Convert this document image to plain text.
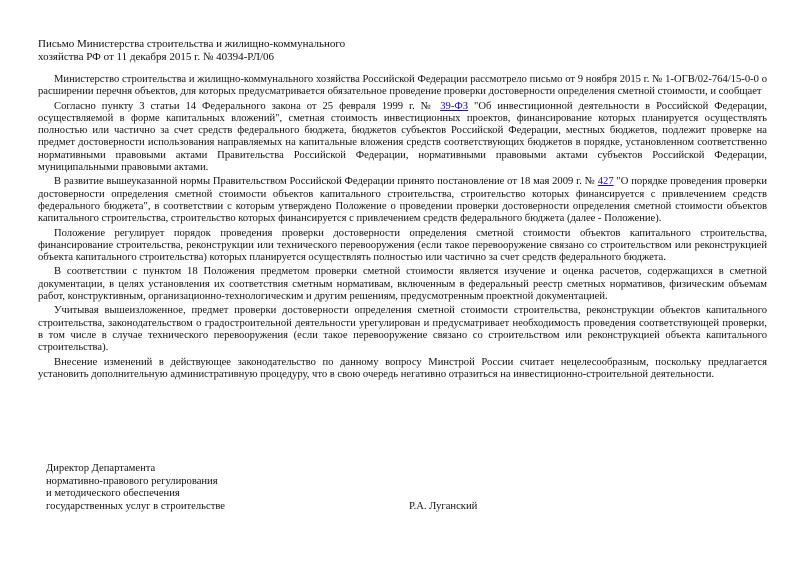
Письмо Министерства строительства и жилищно-коммунального
хозяйства РФ от 11 декабря 2015 г. № 40394-РЛ/06

Министерство строительства и жилищно-коммунального хозяйства Российской Федерации рассмотрело письмо от 9 ноября 2015 г. № 1-ОГВ/02-764/15-0-0 о расширении перечня объектов, для которых предусматривается обязательное проведение проверки достоверности определения сметной стоимости, и сообщает

Согласно пункту 3 статьи 14 Федерального закона от 25 февраля 1999 г. № 39-ФЗ "Об инвестиционной деятельности в Российской Федерации, осуществляемой в форме капитальных вложений", сметная стоимость инвестиционных проектов, финансирование которых планируется осуществлять полностью или частично за счет средств федерального бюджета, бюджетов субъектов Российской Федерации, местных бюджетов, подлежит проверке на предмет достоверности использования направляемых на капитальные вложения средств соответствующих бюджетов в порядке, установленном соответственно нормативными правовыми актами Правительства Российской Федерации, нормативными правовыми актами субъектов Российской Федерации, муниципальными правовыми актами.

В развитие вышеуказанной нормы Правительством Российской Федерации принято постановление от 18 мая 2009 г. № 427 "О порядке проведения проверки достоверности определения сметной стоимости объектов капитального строительства, строительство которых финансируется с привлечением средств федерального бюджета", в соответствии с которым утверждено Положение о проведении проверки достоверности определения сметной стоимости объектов капитального строительства, строительство которых финансируется с привлечением средств федерального бюджета (далее - Положение).

Положение регулирует порядок проведения проверки достоверности определения сметной стоимости объектов капитального строительства, финансирование строительства, реконструкции или технического перевооружения (если такое перевооружение связано со строительством или реконструкцией объекта капитального строительства) которых планируется осуществлять полностью или частично за счет средств федерального бюджета.

В соответствии с пунктом 18 Положения предметом проверки сметной стоимости является изучение и оценка расчетов, содержащихся в сметной документации, в целях установления их соответствия сметным нормативам, включенным в федеральный реестр сметных нормативов, физическим объемам работ, конструктивным, организационно-технологическим и другим решениям, предусмотренным проектной документацией.

Учитывая вышеизложенное, предмет проверки достоверности определения сметной стоимости строительства, реконструкции объектов капитального строительства, законодательством о градостроительной деятельности урегулирован и предусматривает необходимость проведения соответствующей проверки, в том числе в случае технического перевооружения (если такое перевооружение связано со строительством или реконструкцией объекта капитального строительства).

Внесение изменений в действующее законодательство по данному вопросу Минстрой России считает нецелесообразным, поскольку предлагается установить дополнительную административную процедуру, что в свою очередь негативно отразиться на инвестиционно-строительной деятельности.

Директор Департамента
нормативно-правового регулирования
и методического обеспечения
государственных услуг в строительстве	Р.А. Луганский
